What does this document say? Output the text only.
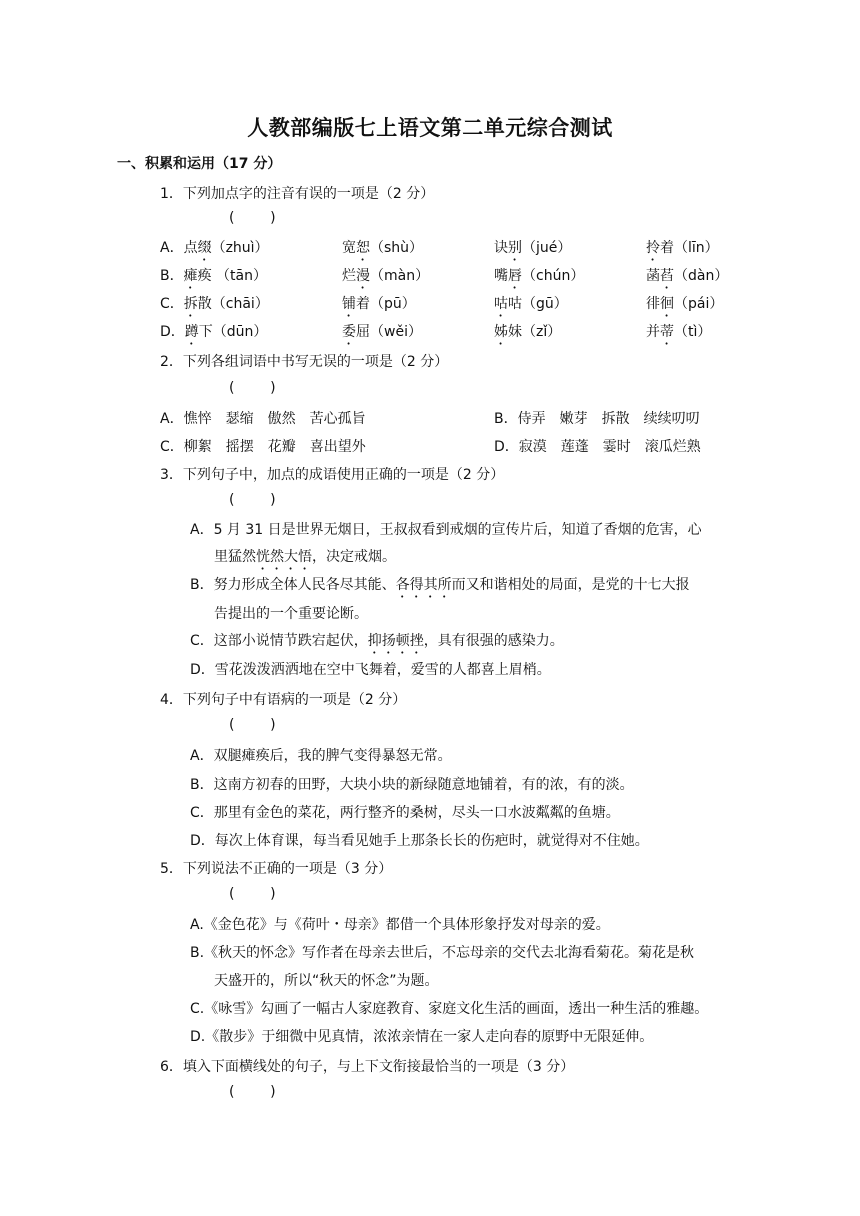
人教部编版七上语文第二单元综合测试
一、积累和运用（17 分）
1．下列加点字的注音有误的一项是（2 分）
(        )
A．点缀（zhuì）	宽恕（shù）	诀别（jué）	拎着（līn）
B．瘫痪 （tān）	烂漫（màn）	嘴唇（chún）	菡萏（dàn）
C．拆散（chāi）	铺着（pū）	咕咕（gū）	徘徊（pái）
D．蹲下（dūn）	委屈（wěi）	姊妹（zǐ）	并蒂（tì）
2．下列各组词语中书写无误的一项是（2 分）
(        )
A．憔悴　瑟缩　傲然　苦心孤旨	B．侍弄　嫩芽　拆散　续续叨叨
C．柳絮　摇摆　花瓣　喜出望外	D．寂漠　莲蓬　霎时　滚瓜烂熟
3．下列句子中，加点的成语使用正确的一项是（2 分）
(        )
A．5 月 31 日是世界无烟日，王叔叔看到戒烟的宣传片后，知道了香烟的危害，心
里猛然恍然大悟，决定戒烟。
B．努力形成全体人民各尽其能、各得其所而又和谐相处的局面，是党的十七大报
告提出的一个重要论断。
C．这部小说情节跌宕起伏，抑扬顿挫，具有很强的感染力。
D．雪花泼泼洒洒地在空中飞舞着，爱雪的人都喜上眉梢。
4．下列句子中有语病的一项是（2 分）
(        )
A．双腿瘫痪后，我的脾气变得暴怒无常。
B．这南方初春的田野，大块小块的新绿随意地铺着，有的浓，有的淡。
C．那里有金色的菜花，两行整齐的桑树，尽头一口水波粼粼的鱼塘。
D．每次上体育课，每当看见她手上那条长长的伤疤时，就觉得对不住她。
5．下列说法不正确的一项是（3 分）
(        )
A.《金色花》与《荷叶・母亲》都借一个具体形象抒发对母亲的爱。
B.《秋天的怀念》写作者在母亲去世后，不忘母亲的交代去北海看菊花。菊花是秋
天盛开的，所以“秋天的怀念”为题。
C.《咏雪》勾画了一幅古人家庭教育、家庭文化生活的画面，透出一种生活的雅趣。
D.《散步》于细微中见真情，浓浓亲情在一家人走向春的原野中无限延伸。
6．填入下面横线处的句子，与上下文衔接最恰当的一项是（3 分）
(        )
